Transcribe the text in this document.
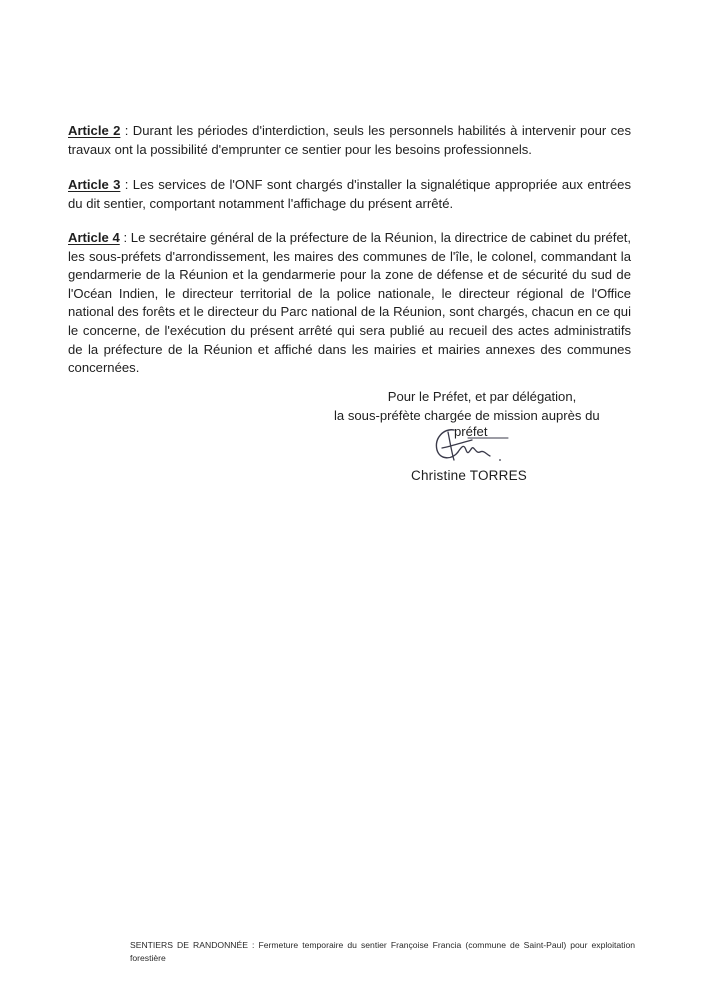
Article 2 : Durant les périodes d'interdiction, seuls les personnels habilités à intervenir pour ces travaux ont la possibilité d'emprunter ce sentier pour les besoins professionnels.

Article 3 : Les services de l'ONF sont chargés d'installer la signalétique appropriée aux entrées du dit sentier, comportant notamment l'affichage du présent arrêté.

Article 4 : Le secrétaire général de la préfecture de la Réunion, la directrice de cabinet du préfet, les sous-préfets d'arrondissement, les maires des communes de l'île, le colonel, commandant la gendarmerie de la Réunion et la gendarmerie pour la zone de défense et de sécurité du sud de l'Océan Indien, le directeur territorial de la police nationale, le directeur régional de l'Office national des forêts et le directeur du Parc national de la Réunion, sont chargés, chacun en ce qui le concerne, de l'exécution du présent arrêté qui sera publié au recueil des actes administratifs de la préfecture de la Réunion et affiché dans les mairies et mairies annexes des communes concernées.

Pour le Préfet, et par délégation,
la sous-préfète chargée de mission auprès du
préfet
Christine TORRES

SENTIERS DE RANDONNÉE : Fermeture temporaire du sentier Françoise Francia (commune de Saint-Paul) pour exploitation forestière
